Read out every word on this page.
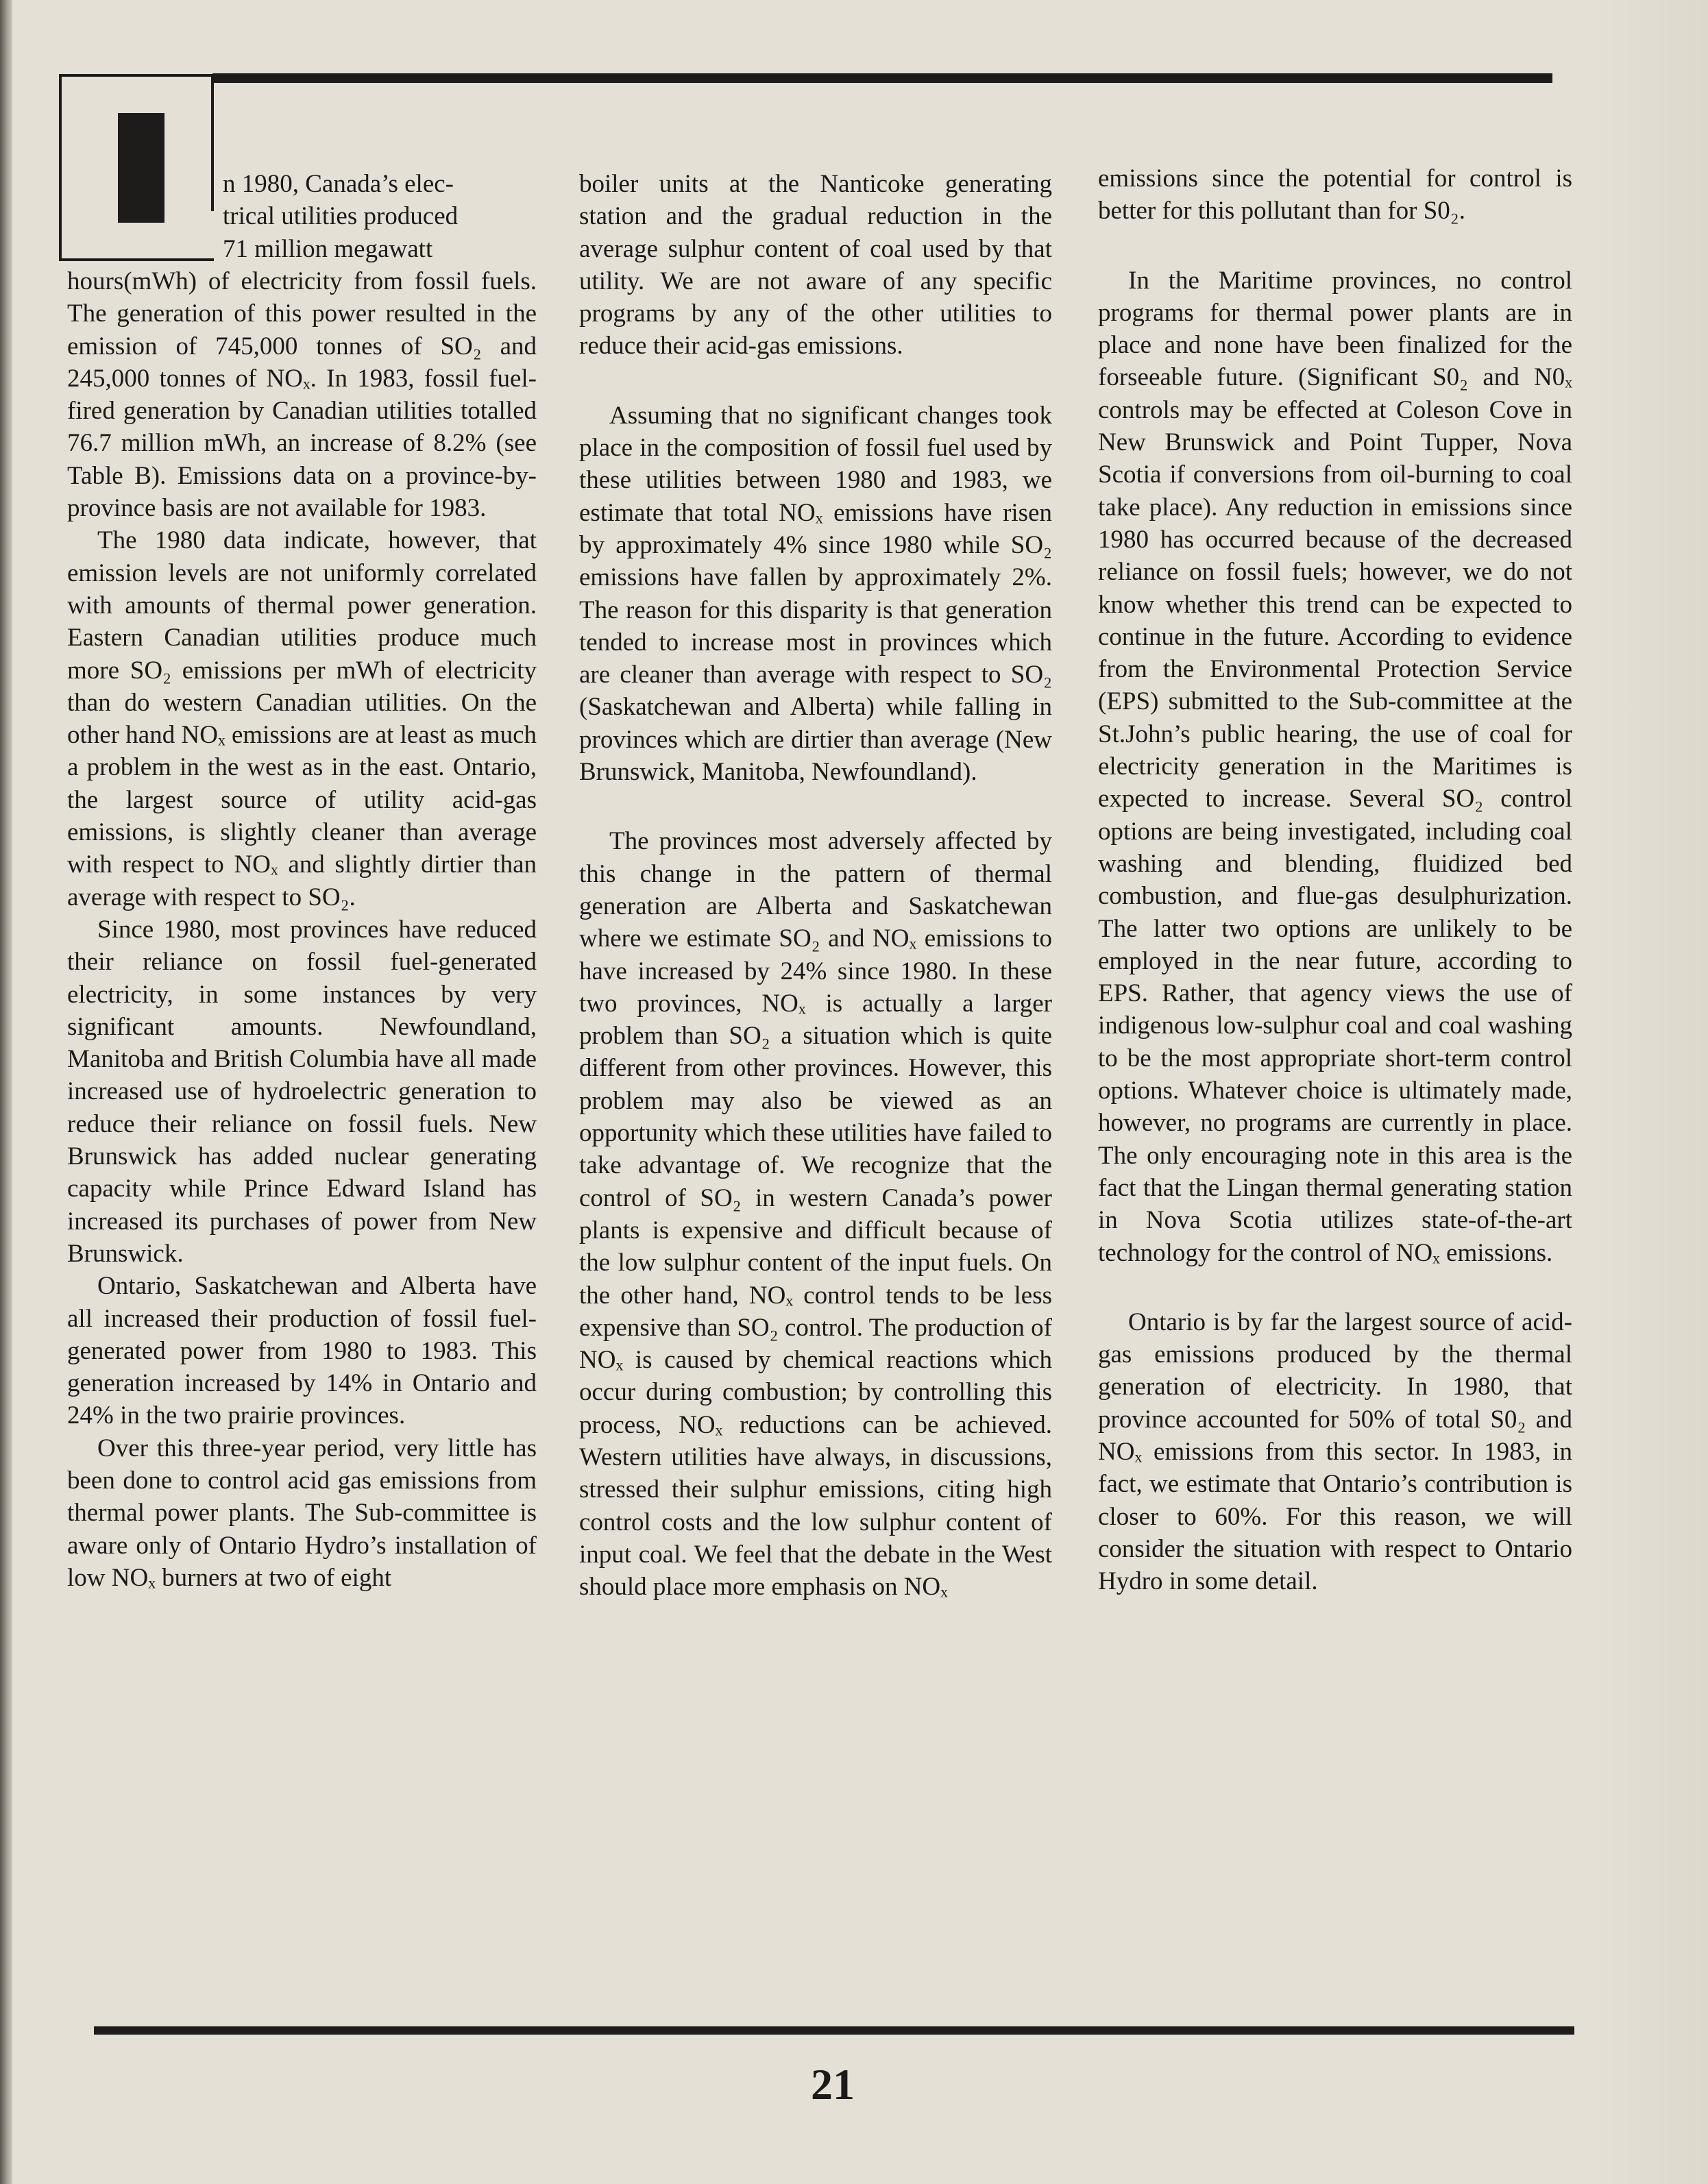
n 1980, Canada’s elec-
trical utilities produced
71 million megawatt

hours(mWh) of electricity from fossil fuels. The generation of this power resulted in the emission of 745,000 tonnes of SO₂ and 245,000 tonnes of NOₓ. In 1983, fossil fuel-fired generation by Canadian utilities totalled 76.7 million mWh, an increase of 8.2% (see Table B). Emissions data on a province-by-province basis are not available for 1983.

The 1980 data indicate, however, that emission levels are not uniformly correlated with amounts of thermal power generation. Eastern Canadian utilities produce much more SO₂ emissions per mWh of electricity than do western Canadian utilities. On the other hand NOₓ emissions are at least as much a problem in the west as in the east. Ontario, the largest source of utility acid-gas emissions, is slightly cleaner than average with respect to NOₓ and slightly dirtier than average with respect to SO₂.

Since 1980, most provinces have reduced their reliance on fossil fuel-generated electricity, in some instances by very significant amounts. Newfoundland, Manitoba and British Columbia have all made increased use of hydroelectric generation to reduce their reliance on fossil fuels. New Brunswick has added nuclear generating capacity while Prince Edward Island has increased its purchases of power from New Brunswick.

Ontario, Saskatchewan and Alberta have all increased their production of fossil fuel-generated power from 1980 to 1983. This generation increased by 14% in Ontario and 24% in the two prairie provinces.

Over this three-year period, very little has been done to control acid gas emissions from thermal power plants. The Sub-committee is aware only of Ontario Hydro’s installation of low NOₓ burners at two of eight

boiler units at the Nanticoke generating station and the gradual reduction in the average sulphur content of coal used by that utility. We are not aware of any specific programs by any of the other utilities to reduce their acid-gas emissions.

Assuming that no significant changes took place in the composition of fossil fuel used by these utilities between 1980 and 1983, we estimate that total NOₓ emissions have risen by approximately 4% since 1980 while SO₂ emissions have fallen by approximately 2%. The reason for this disparity is that generation tended to increase most in provinces which are cleaner than average with respect to SO₂ (Saskatchewan and Alberta) while falling in provinces which are dirtier than average (New Brunswick, Manitoba, Newfoundland).

The provinces most adversely affected by this change in the pattern of thermal generation are Alberta and Saskatchewan where we estimate SO₂ and NOₓ emissions to have increased by 24% since 1980. In these two provinces, NOₓ is actually a larger problem than SO₂ a situation which is quite different from other provinces. However, this problem may also be viewed as an opportunity which these utilities have failed to take advantage of. We recognize that the control of SO₂ in western Canada’s power plants is expensive and difficult because of the low sulphur content of the input fuels. On the other hand, NOₓ control tends to be less expensive than SO₂ control. The production of NOₓ is caused by chemical reactions which occur during combustion; by controlling this process, NOₓ reductions can be achieved. Western utilities have always, in discussions, stressed their sulphur emissions, citing high control costs and the low sulphur content of input coal. We feel that the debate in the West should place more emphasis on NOₓ

emissions since the potential for control is better for this pollutant than for S0₂.

In the Maritime provinces, no control programs for thermal power plants are in place and none have been finalized for the forseeable future. (Significant S0₂ and N0ₓ controls may be effected at Coleson Cove in New Brunswick and Point Tupper, Nova Scotia if conversions from oil-burning to coal take place). Any reduction in emissions since 1980 has occurred because of the decreased reliance on fossil fuels; however, we do not know whether this trend can be expected to continue in the future. According to evidence from the Environmental Protection Service (EPS) submitted to the Sub-committee at the St.John’s public hearing, the use of coal for electricity generation in the Maritimes is expected to increase. Several SO₂ control options are being investigated, including coal washing and blending, fluidized bed combustion, and flue-gas desulphurization. The latter two options are unlikely to be employed in the near future, according to EPS. Rather, that agency views the use of indigenous low-sulphur coal and coal washing to be the most appropriate short-term control options. Whatever choice is ultimately made, however, no programs are currently in place. The only encouraging note in this area is the fact that the Lingan thermal generating station in Nova Scotia utilizes state-of-the-art technology for the control of NOₓ emissions.

Ontario is by far the largest source of acid-gas emissions produced by the thermal generation of electricity. In 1980, that province accounted for 50% of total S0₂ and NOₓ emissions from this sector. In 1983, in fact, we estimate that Ontario’s contribution is closer to 60%. For this reason, we will consider the situation with respect to Ontario Hydro in some detail.

21
